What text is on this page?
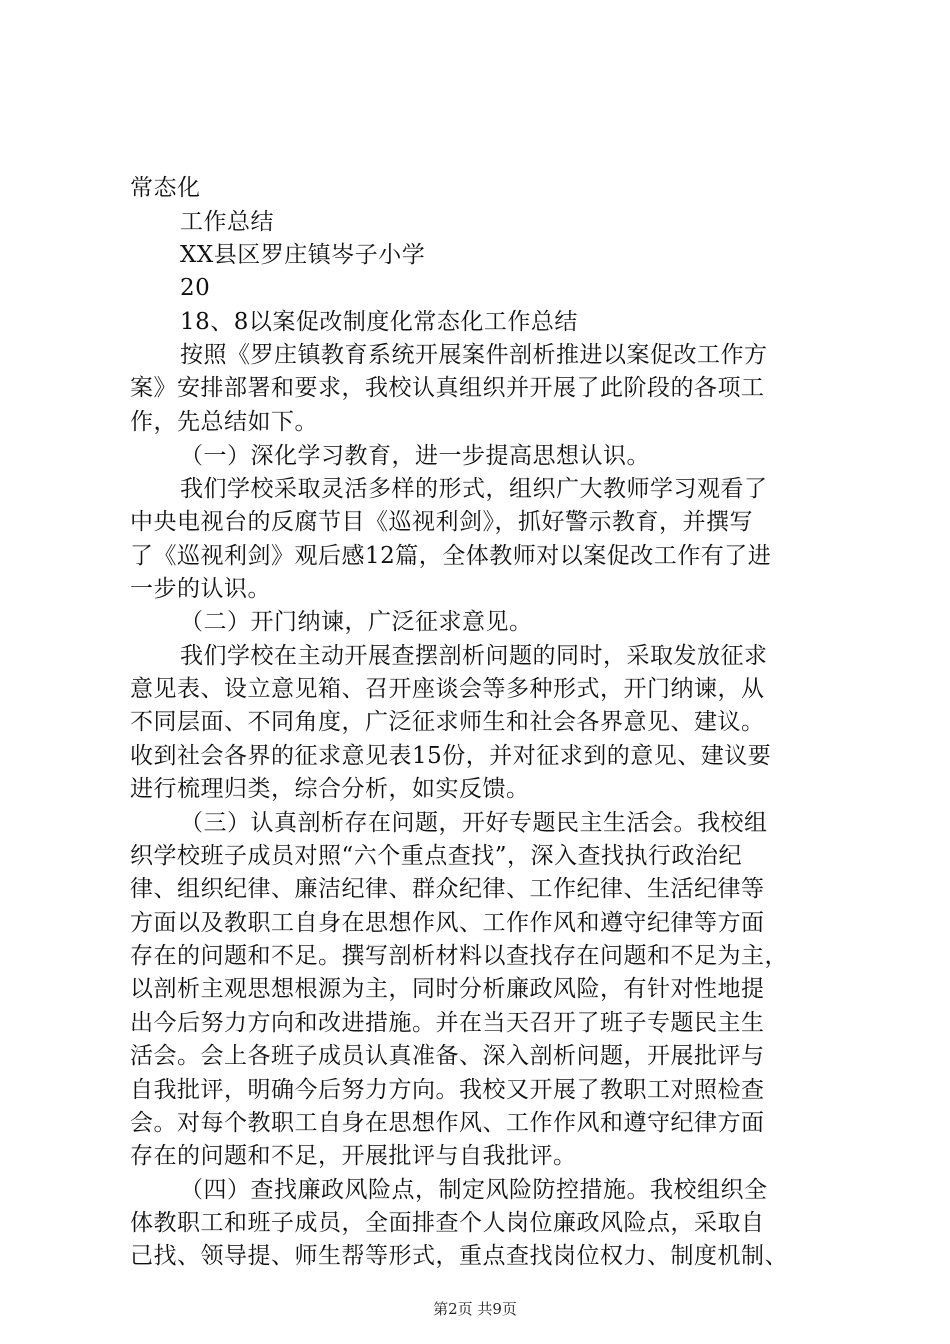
常态化
工作总结
XX县区罗庄镇岑子小学
20
18、8以案促改制度化常态化工作总结
按照《罗庄镇教育系统开展案件剖析推进以案促改工作方
案》安排部署和要求，我校认真组织并开展了此阶段的各项工
作，先总结如下。
（一）深化学习教育，进一步提高思想认识。
我们学校采取灵活多样的形式，组织广大教师学习观看了
中央电视台的反腐节目《巡视利剑》，抓好警示教育，并撰写
了《巡视利剑》观后感12篇，全体教师对以案促改工作有了进
一步的认识。
（二）开门纳谏，广泛征求意见。
我们学校在主动开展查摆剖析问题的同时，采取发放征求
意见表、设立意见箱、召开座谈会等多种形式，开门纳谏，从
不同层面、不同角度，广泛征求师生和社会各界意见、建议。
收到社会各界的征求意见表15份，并对征求到的意见、建议要
进行梳理归类，综合分析，如实反馈。
（三）认真剖析存在问题，开好专题民主生活会。我校组
织学校班子成员对照“六个重点查找”，深入查找执行政治纪
律、组织纪律、廉洁纪律、群众纪律、工作纪律、生活纪律等
方面以及教职工自身在思想作风、工作作风和遵守纪律等方面
存在的问题和不足。撰写剖析材料以查找存在问题和不足为主，
以剖析主观思想根源为主，同时分析廉政风险，有针对性地提
出今后努力方向和改进措施。并在当天召开了班子专题民主生
活会。会上各班子成员认真准备、深入剖析问题，开展批评与
自我批评，明确今后努力方向。我校又开展了教职工对照检查
会。对每个教职工自身在思想作风、工作作风和遵守纪律方面
存在的问题和不足，开展批评与自我批评。
（四）查找廉政风险点，制定风险防控措施。我校组织全
体教职工和班子成员，全面排查个人岗位廉政风险点，采取自
己找、领导提、师生帮等形式，重点查找岗位权力、制度机制、
第2页 共9页
